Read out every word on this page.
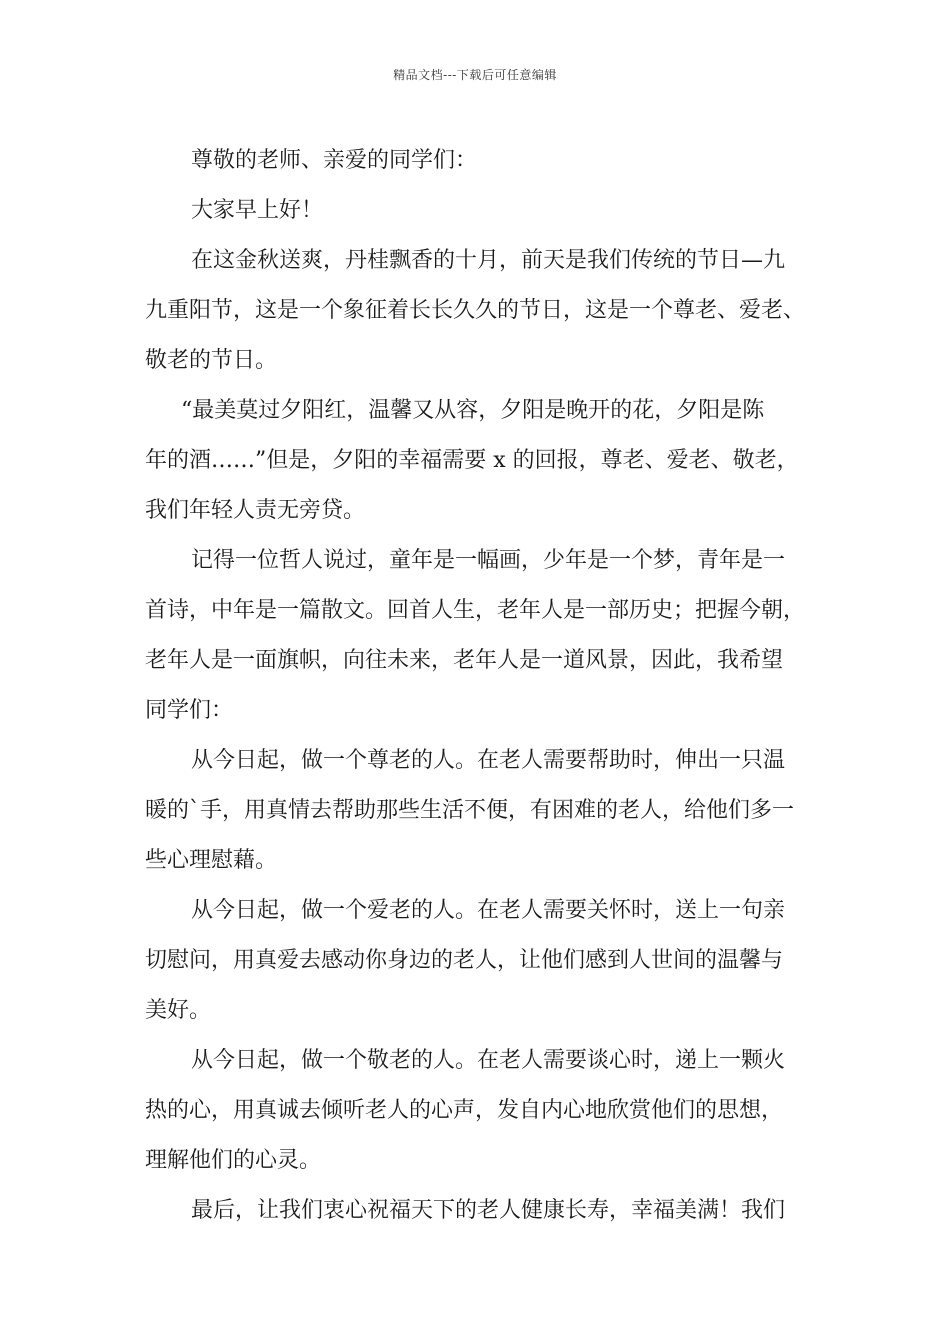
精品文档---下载后可任意编辑
尊敬的老师、亲爱的同学们：
大家早上好！
在这金秋送爽，丹桂飘香的十月，前天是我们传统的节日—九
九重阳节，这是一个象征着长长久久的节日，这是一个尊老、爱老、
敬老的节日。
“最美莫过夕阳红，温馨又从容，夕阳是晚开的花，夕阳是陈
年的酒……”但是，夕阳的幸福需要 x 的回报，尊老、爱老、敬老，
我们年轻人责无旁贷。
记得一位哲人说过，童年是一幅画，少年是一个梦，青年是一
首诗，中年是一篇散文。回首人生，老年人是一部历史；把握今朝，
老年人是一面旗帜，向往未来，老年人是一道风景，因此，我希望
同学们：
从今日起，做一个尊老的人。在老人需要帮助时，伸出一只温
暖的`手，用真情去帮助那些生活不便，有困难的老人，给他们多一
些心理慰藉。
从今日起，做一个爱老的人。在老人需要关怀时，送上一句亲
切慰问，用真爱去感动你身边的老人，让他们感到人世间的温馨与
美好。
从今日起，做一个敬老的人。在老人需要谈心时，递上一颗火
热的心，用真诚去倾听老人的心声，发自内心地欣赏他们的思想，
理解他们的心灵。
最后，让我们衷心祝福天下的老人健康长寿，幸福美满！我们
